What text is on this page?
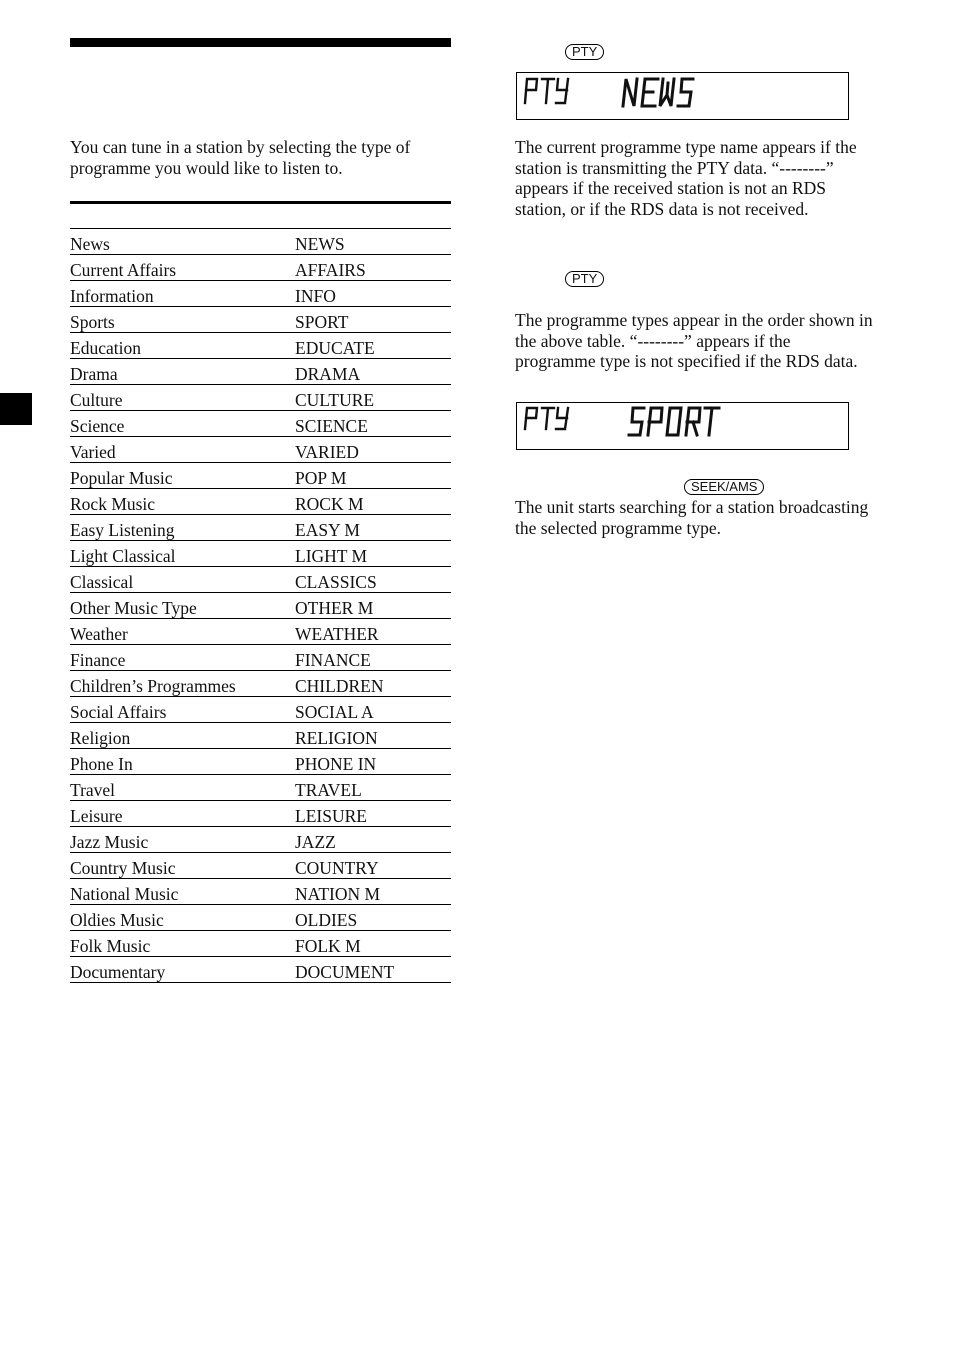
You can tune in a station by selecting the type of programme you would like to listen to.
News	NEWS
Current Affairs	AFFAIRS
Information	INFO
Sports	SPORT
Education	EDUCATE
Drama	DRAMA
Culture	CULTURE
Science	SCIENCE
Varied	VARIED
Popular Music	POP M
Rock Music	ROCK M
Easy Listening	EASY M
Light Classical	LIGHT M
Classical	CLASSICS
Other Music Type	OTHER M
Weather	WEATHER
Finance	FINANCE
Children’s Programmes	CHILDREN
Social Affairs	SOCIAL A
Religion	RELIGION
Phone In	PHONE IN
Travel	TRAVEL
Leisure	LEISURE
Jazz Music	JAZZ
Country Music	COUNTRY
National Music	NATION M
Oldies Music	OLDIES
Folk Music	FOLK M
Documentary	DOCUMENT
PTY
The current programme type name appears if the station is transmitting the PTY data. “--------” appears if the received station is not an RDS station, or if the RDS data is not received.
PTY
The programme types appear in the order shown in the above table. “--------” appears if the programme type is not specified if the RDS data.
SEEK/AMS
The unit starts searching for a station broadcasting the selected programme type.
